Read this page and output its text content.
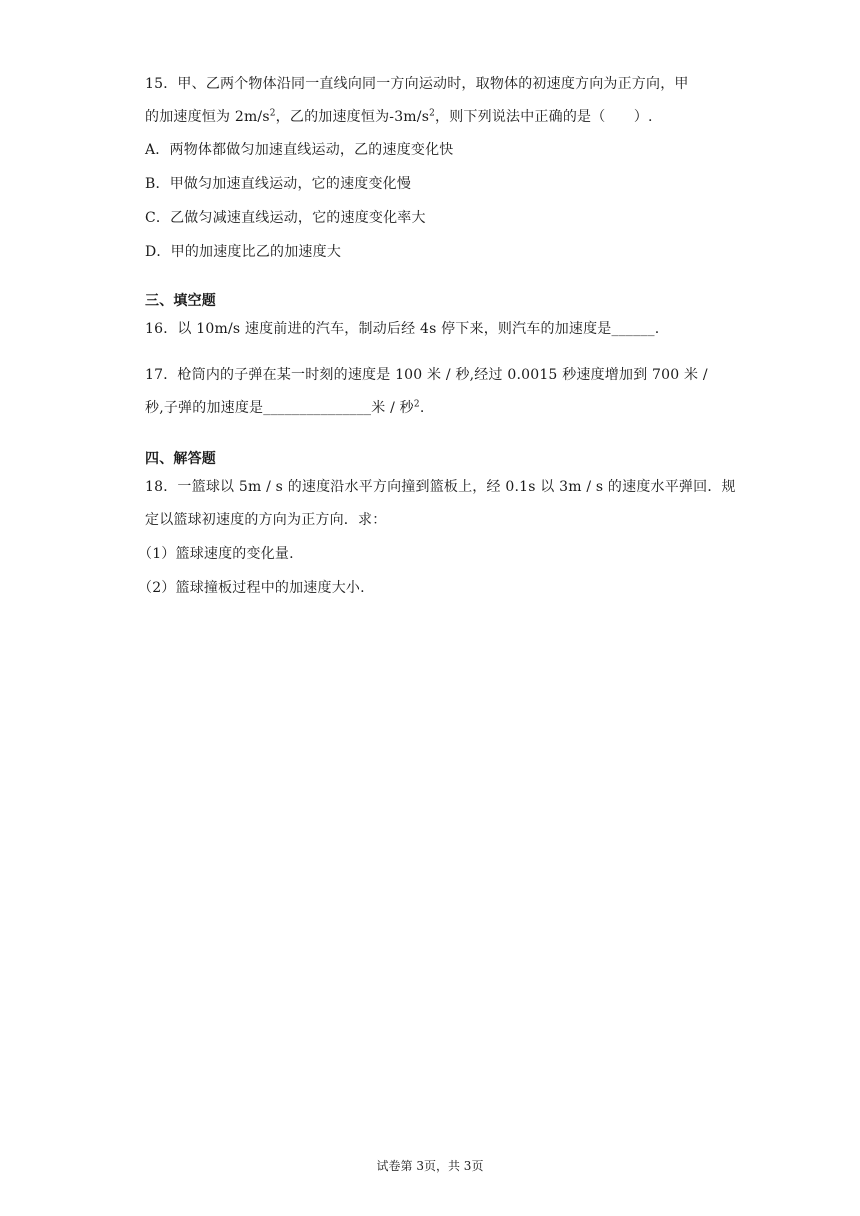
15．甲、乙两个物体沿同一直线向同一方向运动时，取物体的初速度方向为正方向，甲
的加速度恒为 $2m/s^2$，乙的加速度恒为$-3m/s^2$，则下列说法中正确的是（　　）.
A．两物体都做匀加速直线运动，乙的速度变化快
B．甲做匀加速直线运动，它的速度变化慢
C．乙做匀减速直线运动，它的速度变化率大
D．甲的加速度比乙的加速度大
三、填空题
16．以 10m/s 速度前进的汽车，制动后经 4s 停下来，则汽车的加速度是______.
17．枪筒内的子弹在某一时刻的速度是 100 米 / 秒,经过 0.0015 秒速度增加到 700 米 /
秒,子弹的加速度是_______________米 / 秒$^2$.
四、解答题
18．一篮球以 5m / s 的速度沿水平方向撞到篮板上，经 0.1s 以 3m / s 的速度水平弹回．规
定以篮球初速度的方向为正方向．求：
（1）篮球速度的变化量.
（2）篮球撞板过程中的加速度大小.
试卷第 3页，共 3页
